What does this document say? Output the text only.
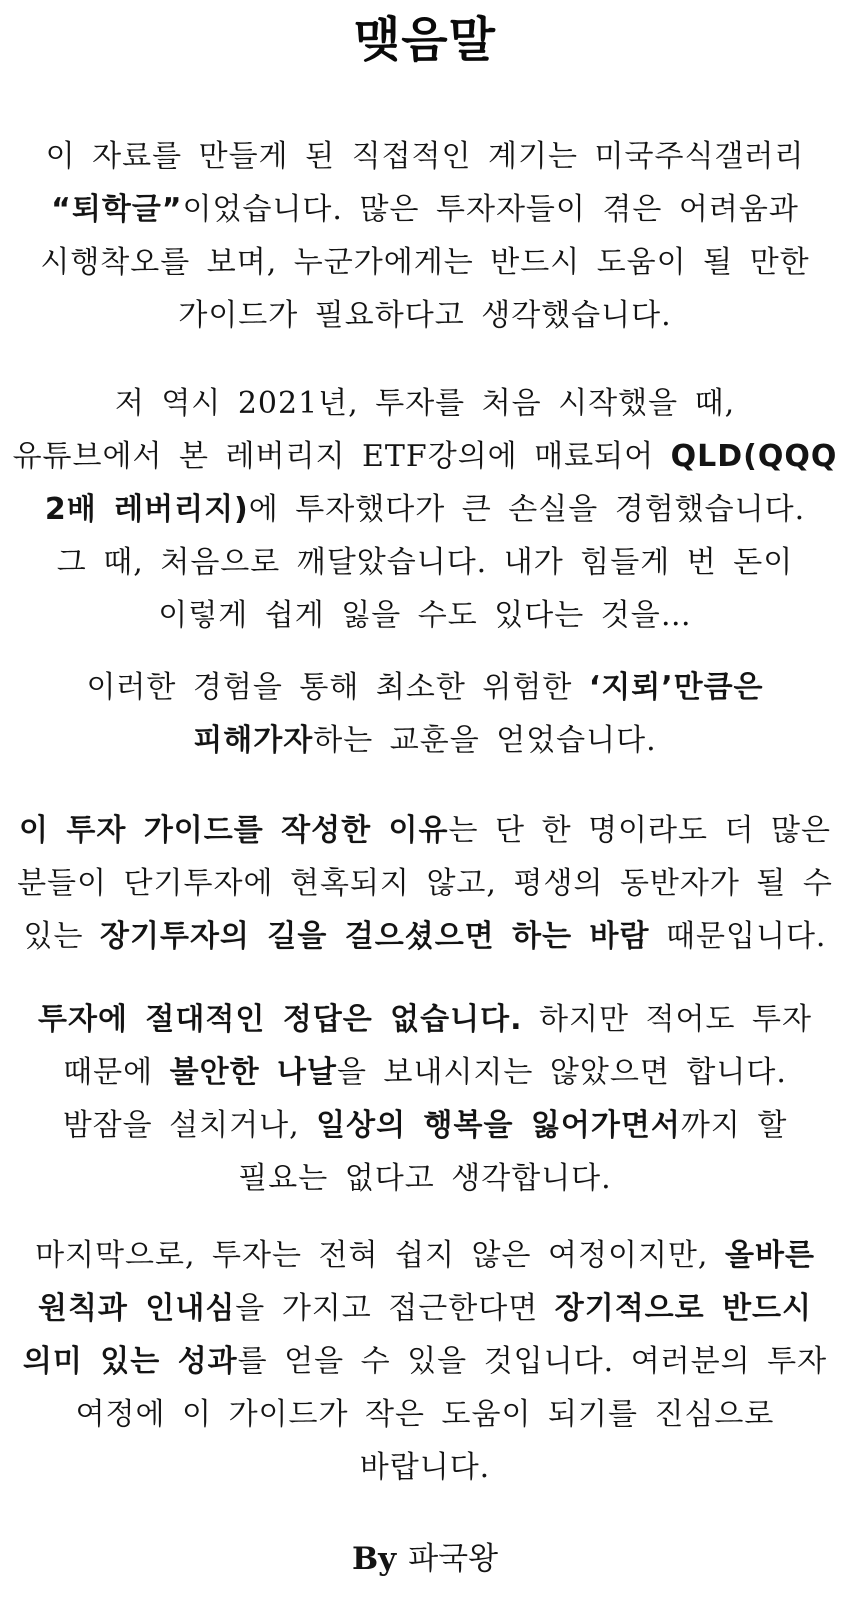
맺음말
이 자료를 만들게 된 직접적인 계기는 미국주식갤러리
“퇴학글”이었습니다. 많은 투자자들이 겪은 어려움과
시행착오를 보며, 누군가에게는 반드시 도움이 될 만한
가이드가 필요하다고 생각했습니다.
저 역시 2021년, 투자를 처음 시작했을 때,
유튜브에서 본 레버리지 ETF강의에 매료되어 QLD(QQQ
2배 레버리지)에 투자했다가 큰 손실을 경험했습니다.
그 때, 처음으로 깨달았습니다. 내가 힘들게 번 돈이
이렇게 쉽게 잃을 수도 있다는 것을…
이러한 경험을 통해 최소한 위험한 ‘지뢰’만큼은
피해가자하는 교훈을 얻었습니다.
이 투자 가이드를 작성한 이유는 단 한 명이라도 더 많은
분들이 단기투자에 현혹되지 않고, 평생의 동반자가 될 수
있는 장기투자의 길을 걸으셨으면 하는 바람 때문입니다.
투자에 절대적인 정답은 없습니다. 하지만 적어도 투자
때문에 불안한 나날을 보내시지는 않았으면 합니다.
밤잠을 설치거나, 일상의 행복을 잃어가면서까지 할
필요는 없다고 생각합니다.
마지막으로, 투자는 전혀 쉽지 않은 여정이지만, 올바른
원칙과 인내심을 가지고 접근한다면 장기적으로 반드시
의미 있는 성과를 얻을 수 있을 것입니다. 여러분의 투자
여정에 이 가이드가 작은 도움이 되기를 진심으로
바랍니다.
By 파국왕
